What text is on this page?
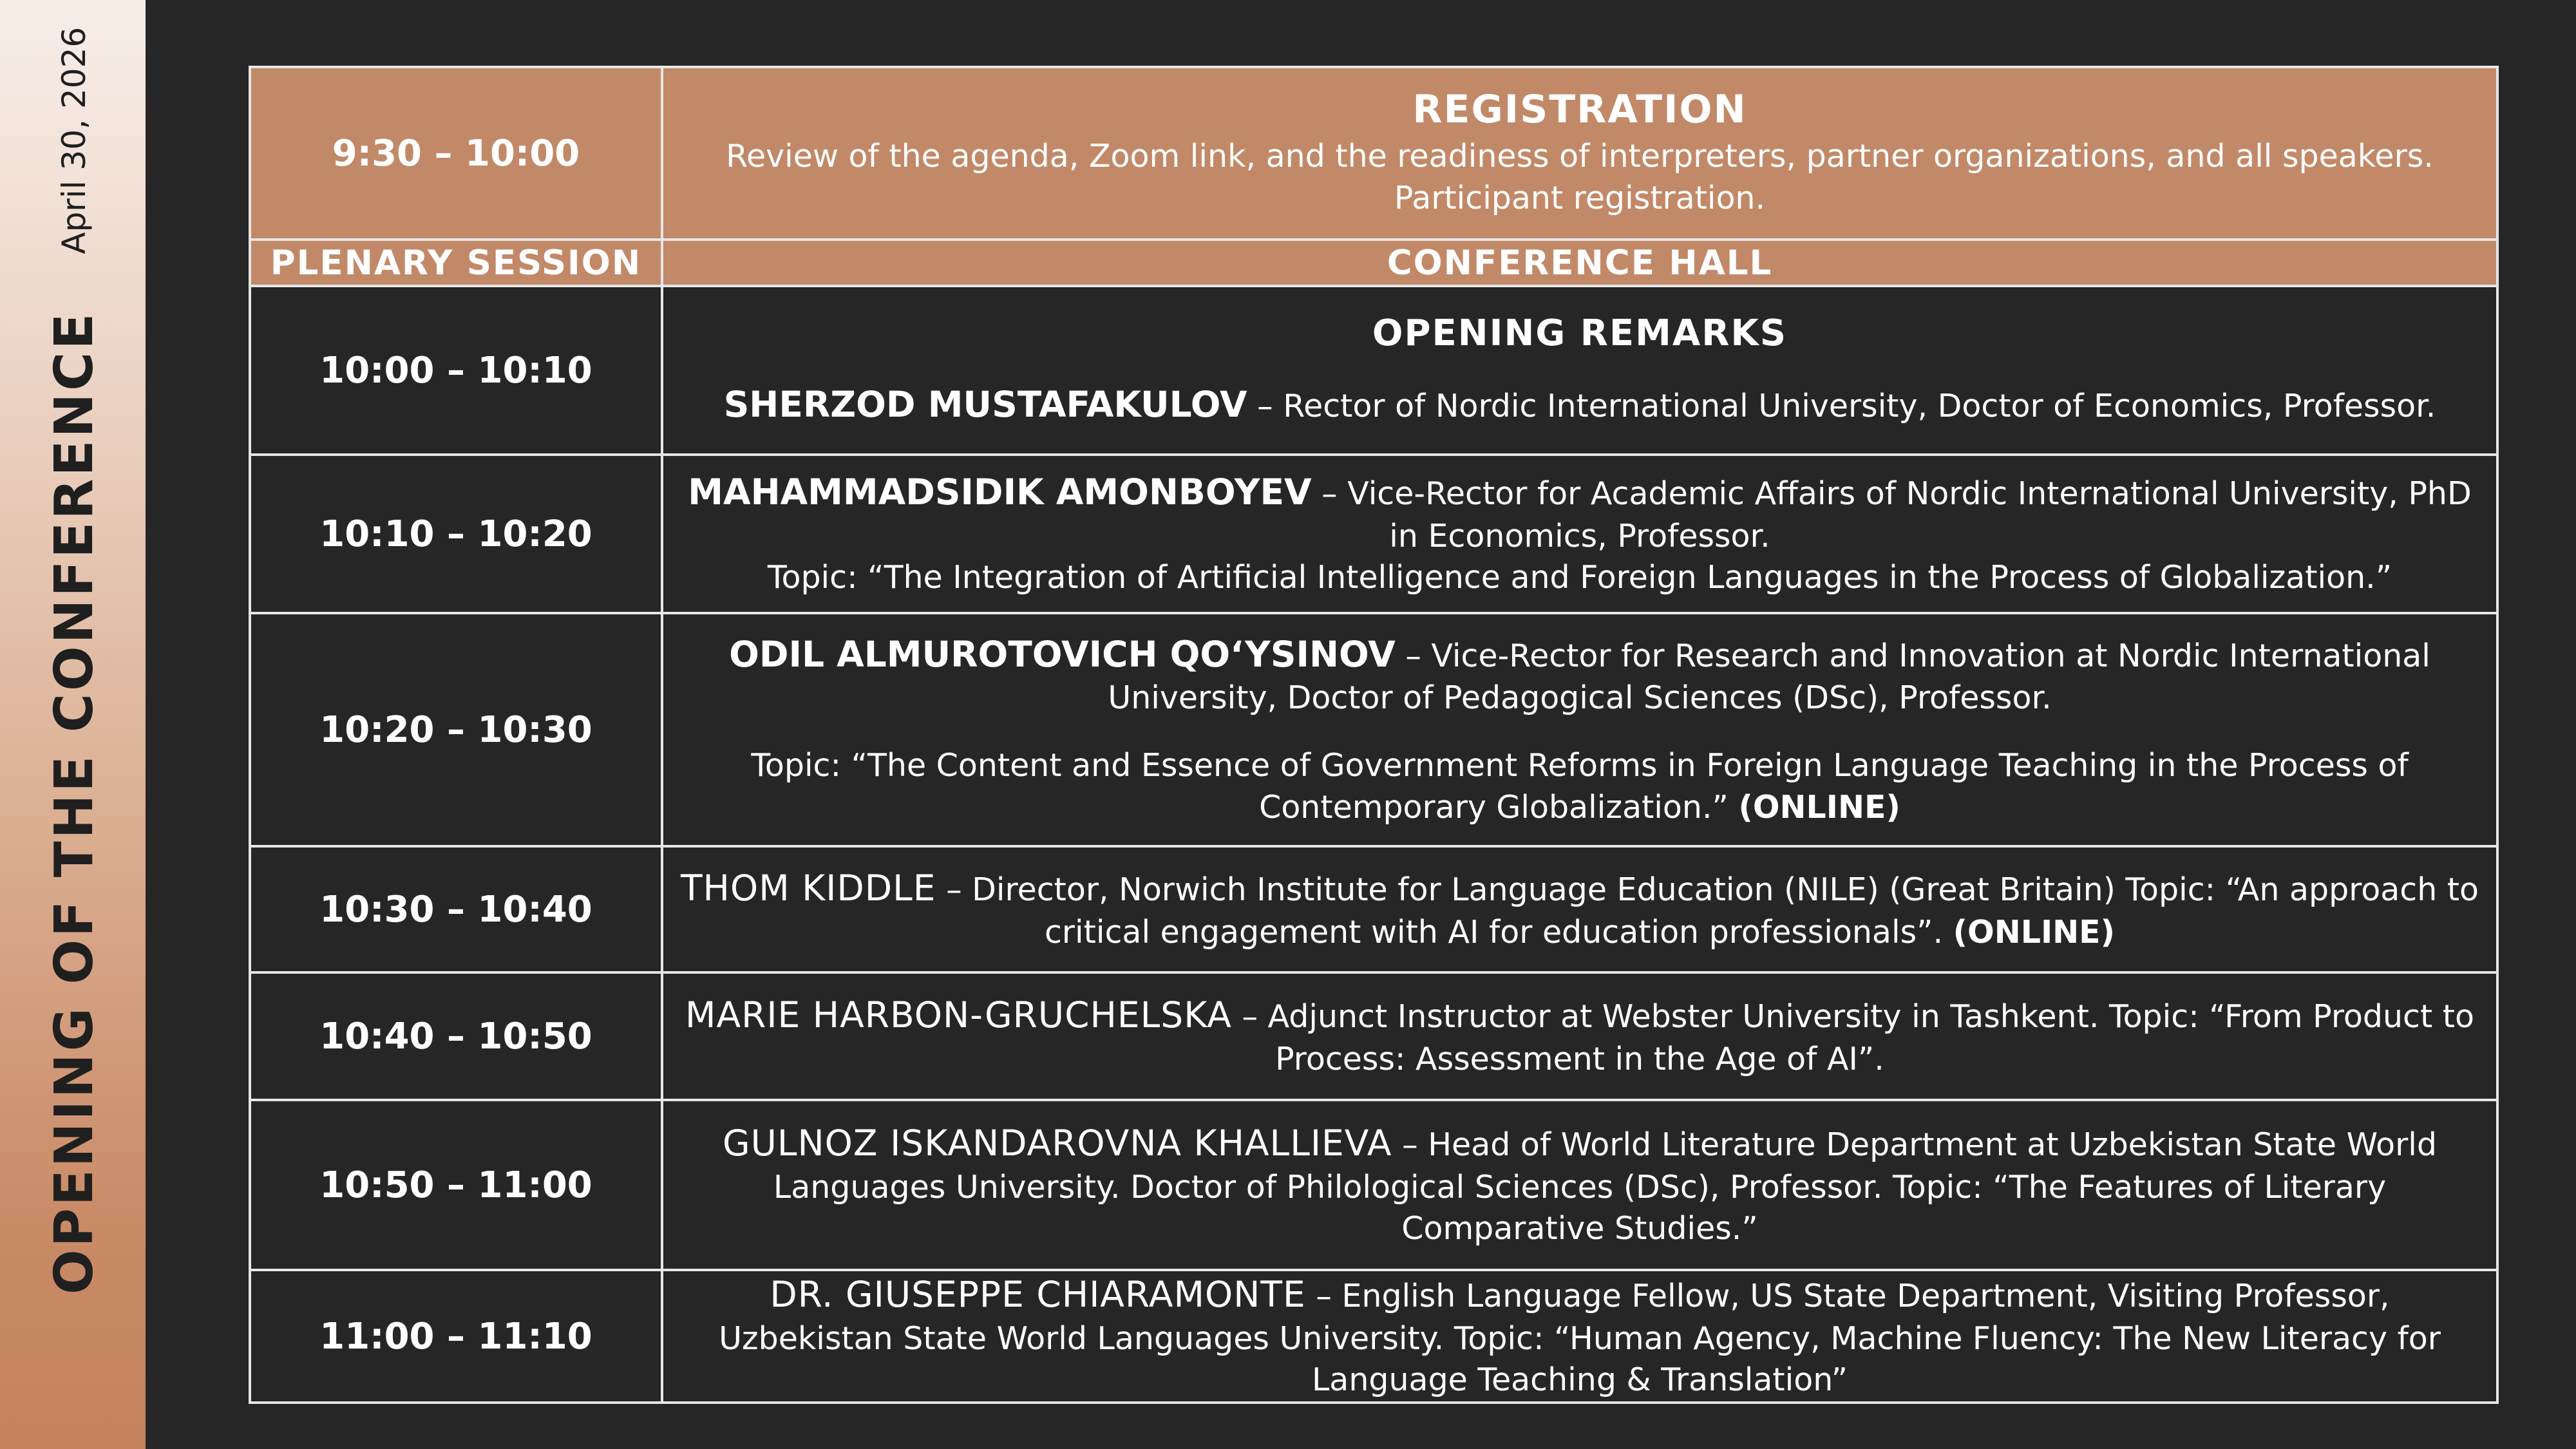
OPENING OF THE CONFERENCE
April 30, 2026	9:30 – 10:00	REGISTRATION
Review of the agenda, Zoom link, and the readiness of interpreters, partner organizations, and all speakers. Participant registration.

PLENARY SESSION	CONFERENCE HALL
10:00 – 10:10	OPENING REMARKS
SHERZOD MUSTAFAKULOV – Rector of Nordic International University, Doctor of Economics, Professor.

10:10 – 10:20	MAHAMMADSIDIK AMONBOYEV – Vice-Rector for Academic Affairs of Nordic International University, PhD in Economics, Professor.
Topic: “The Integration of Artificial Intelligence and Foreign Languages in the Process of Globalization.”

10:20 – 10:30	ODIL ALMUROTOVICH QO‘YSINOV – Vice-Rector for Research and Innovation at Nordic International University, Doctor of Pedagogical Sciences (DSc), Professor.
Topic: “The Content and Essence of Government Reforms in Foreign Language Teaching in the Process of Contemporary Globalization.” (ONLINE)

10:30 – 10:40	THOM KIDDLE – Director, Norwich Institute for Language Education (NILE) (Great Britain) Topic: “An approach to critical engagement with AI for education professionals”. (ONLINE)

10:40 – 10:50	MARIE HARBON-GRUCHELSKA – Adjunct Instructor at Webster University in Tashkent. Topic: “From Product to Process: Assessment in the Age of AI”.

10:50 – 11:00	GULNOZ ISKANDAROVNA KHALLIEVA – Head of World Literature Department at Uzbekistan State World Languages University. Doctor of Philological Sciences (DSc), Professor. Topic: “The Features of Literary Comparative Studies.”

11:00 – 11:10	DR. GIUSEPPE CHIARAMONTE – English Language Fellow, US State Department, Visiting Professor, Uzbekistan State World Languages University. Topic: “Human Agency, Machine Fluency: The New Literacy for Language Teaching & Translation”
